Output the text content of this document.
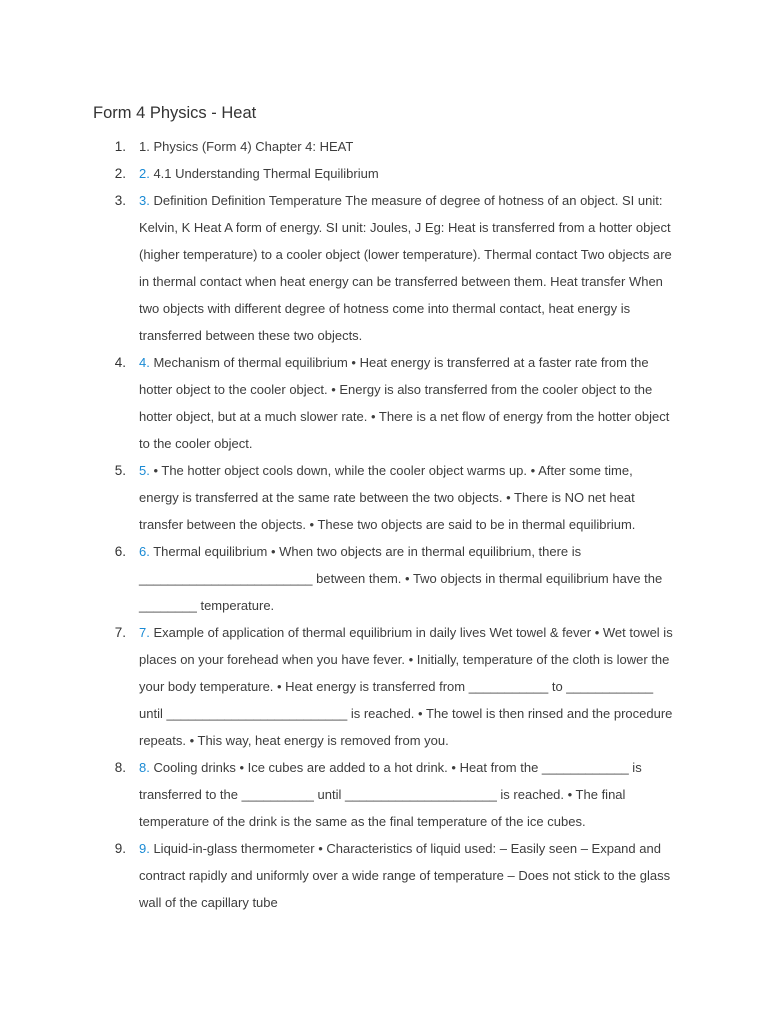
Form 4 Physics - Heat
1. 1. Physics (Form 4) Chapter 4: HEAT
2. 2. 4.1 Understanding Thermal Equilibrium
3. 3. Definition Definition Temperature The measure of degree of hotness of an object. SI unit: Kelvin, K Heat A form of energy. SI unit: Joules, J Eg: Heat is transferred from a hotter object (higher temperature) to a cooler object (lower temperature). Thermal contact Two objects are in thermal contact when heat energy can be transferred between them. Heat transfer When two objects with different degree of hotness come into thermal contact, heat energy is transferred between these two objects.
4. 4. Mechanism of thermal equilibrium • Heat energy is transferred at a faster rate from the hotter object to the cooler object. • Energy is also transferred from the cooler object to the hotter object, but at a much slower rate. • There is a net flow of energy from the hotter object to the cooler object.
5. 5. • The hotter object cools down, while the cooler object warms up. • After some time, energy is transferred at the same rate between the two objects. • There is NO net heat transfer between the objects. • These two objects are said to be in thermal equilibrium.
6. 6. Thermal equilibrium • When two objects are in thermal equilibrium, there is ________________________ between them. • Two objects in thermal equilibrium have the ________ temperature.
7. 7. Example of application of thermal equilibrium in daily lives Wet towel & fever • Wet towel is places on your forehead when you have fever. • Initially, temperature of the cloth is lower the your body temperature. • Heat energy is transferred from ___________ to ____________ until _________________________ is reached. • The towel is then rinsed and the procedure repeats. • This way, heat energy is removed from you.
8. 8. Cooling drinks • Ice cubes are added to a hot drink. • Heat from the ____________ is transferred to the __________ until _____________________ is reached. • The final temperature of the drink is the same as the final temperature of the ice cubes.
9. 9. Liquid-in-glass thermometer • Characteristics of liquid used: – Easily seen – Expand and contract rapidly and uniformly over a wide range of temperature – Does not stick to the glass wall of the capillary tube
